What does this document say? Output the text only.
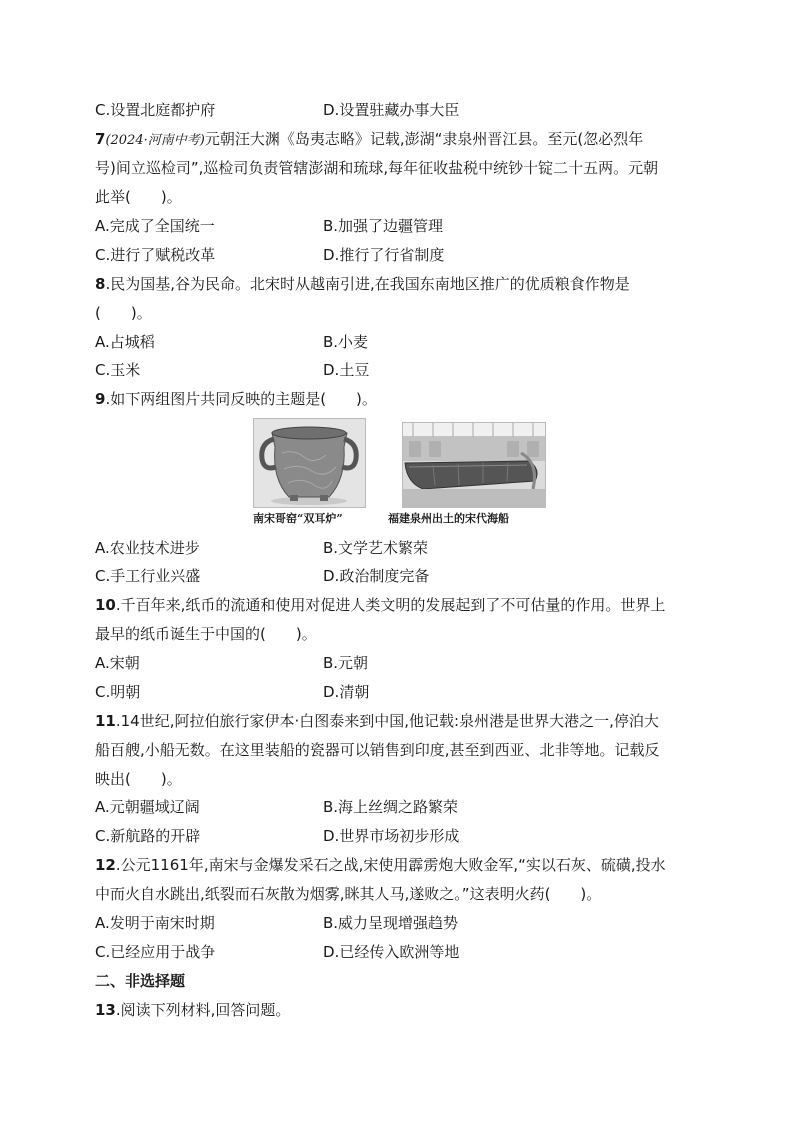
C.设置北庭都护府	D.设置驻藏办事大臣
7(2024·河南中考)元朝汪大渊《岛夷志略》记载,澎湖“隶泉州晋江县。至元(忽必烈年
号)间立巡检司”,巡检司负责管辖澎湖和琉球,每年征收盐税中统钞十锭二十五两。元朝
此举(　　)。
A.完成了全国统一	B.加强了边疆管理
C.进行了赋税改革	D.推行了行省制度
8.民为国基,谷为民命。北宋时从越南引进,在我国东南地区推广的优质粮食作物是
(　　)。
A.占城稻	B.小麦
C.玉米	D.土豆
9.如下两组图片共同反映的主题是(　　)。
南宋哥窑“双耳炉”	福建泉州出土的宋代海船
A.农业技术进步	B.文学艺术繁荣
C.手工行业兴盛	D.政治制度完备
10.千百年来,纸币的流通和使用对促进人类文明的发展起到了不可估量的作用。世界上
最早的纸币诞生于中国的(　　)。
A.宋朝	B.元朝
C.明朝	D.清朝
11.14世纪,阿拉伯旅行家伊本·白图泰来到中国,他记载:泉州港是世界大港之一,停泊大
船百艘,小船无数。在这里装船的瓷器可以销售到印度,甚至到西亚、北非等地。记载反
映出(　　)。
A.元朝疆域辽阔	B.海上丝绸之路繁荣
C.新航路的开辟	D.世界市场初步形成
12.公元1161年,南宋与金爆发采石之战,宋使用霹雳炮大败金军,“实以石灰、硫磺,投水
中而火自水跳出,纸裂而石灰散为烟雾,眯其人马,遂败之。”这表明火药(　　)。
A.发明于南宋时期	B.威力呈现增强趋势
C.已经应用于战争	D.已经传入欧洲等地
二、非选择题
13.阅读下列材料,回答问题。
